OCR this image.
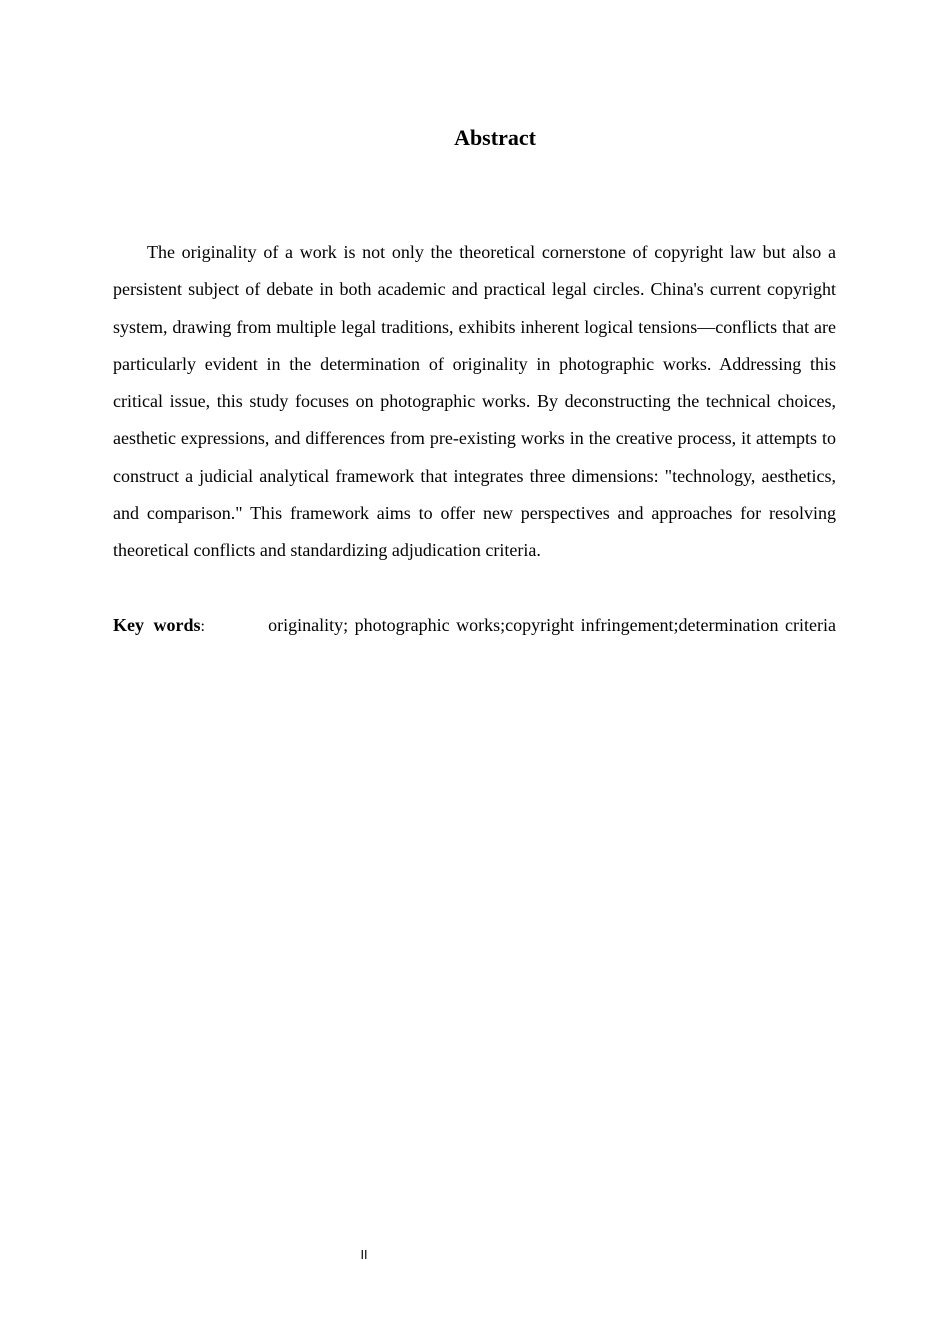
Abstract

The originality of a work is not only the theoretical cornerstone of copyright law but also a persistent subject of debate in both academic and practical legal circles. China's current copyright system, drawing from multiple legal traditions, exhibits inherent logical tensions—conflicts that are particularly evident in the determination of originality in photographic works. Addressing this critical issue, this study focuses on photographic works. By deconstructing the technical choices, aesthetic expressions, and differences from pre-existing works in the creative process, it attempts to construct a judicial analytical framework that integrates three dimensions: "technology, aesthetics, and comparison." This framework aims to offer new perspectives and approaches for resolving theoretical conflicts and standardizing adjudication criteria.

Key words:	originality; photographic works;copyright infringement;determination criteria
II
